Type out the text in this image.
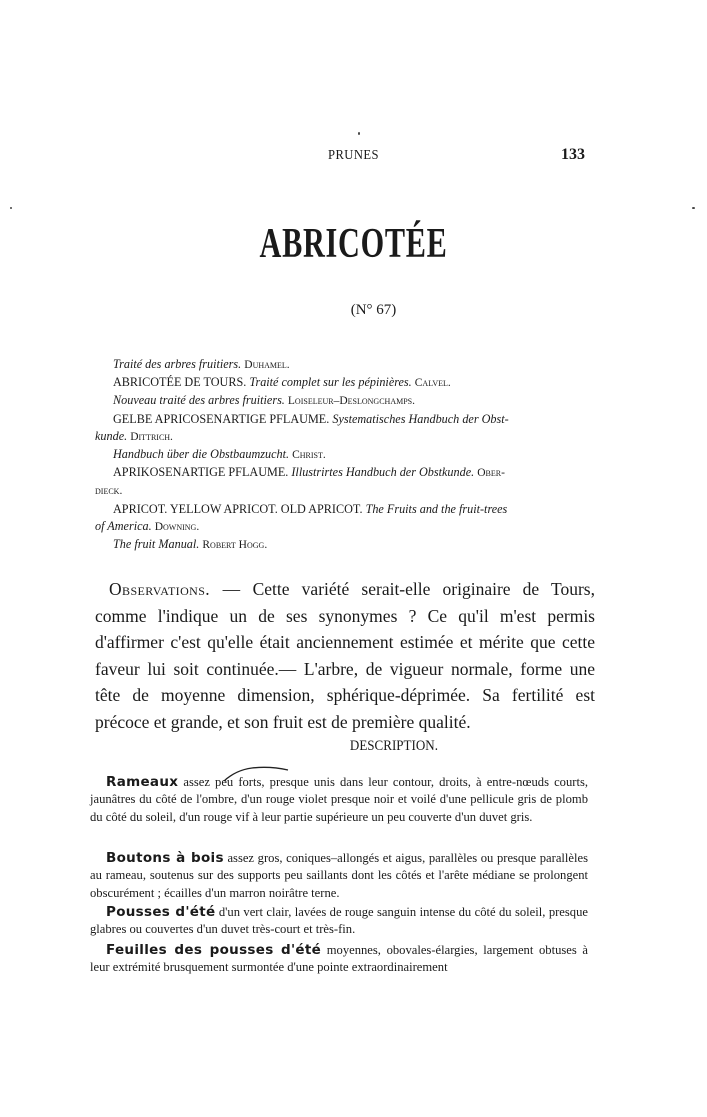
PRUNES	133
ABRICOTÉE
(N° 67)
Traité des arbres fruitiers. Duhamel.
ABRICOTÉE DE TOURS. Traité complet sur les pépinières. Calvel.
Nouveau traité des arbres fruitiers. Loiseleur–Deslongchamps.
GELBE APRICOSENARTIGE PFLAUME. Systematisches Handbuch der Obst-
kunde. Dittrich.
Handbuch über die Obstbaumzucht. Christ.
APRIKOSENARTIGE PFLAUME. Illustrirtes Handbuch der Obstkunde. Ober-
dieck.
APRICOT. YELLOW APRICOT. OLD APRICOT. The Fruits and the fruit-trees
of America. Downing.
The fruit Manual. Robert Hogg.
Observations. — Cette variété serait-elle originaire de Tours, comme l'indique un de ses synonymes ? Ce qu'il m'est permis d'affirmer c'est qu'elle était anciennement estimée et mérite que cette faveur lui soit continuée.— L'arbre, de vigueur normale, forme une tête de moyenne dimension, sphérique-déprimée. Sa fertilité est précoce et grande, et son fruit est de première qualité.
DESCRIPTION.
Rameaux assez peu forts, presque unis dans leur contour, droits, à entre-nœuds courts, jaunâtres du côté de l'ombre, d'un rouge violet presque noir et voilé d'une pellicule gris de plomb du côté du soleil, d'un rouge vif à leur partie supérieure un peu couverte d'un duvet gris.
Boutons à bois assez gros, coniques–allongés et aigus, parallèles ou presque parallèles au rameau, soutenus sur des supports peu saillants dont les côtés et l'arête médiane se prolongent obscurément ; écailles d'un marron noirâtre terne.
Pousses d'été d'un vert clair, lavées de rouge sanguin intense du côté du soleil, presque glabres ou couvertes d'un duvet très-court et très-fin.
Feuilles des pousses d'été moyennes, obovales-élargies, largement obtuses à leur extrémité brusquement surmontée d'une pointe extraordinairement
